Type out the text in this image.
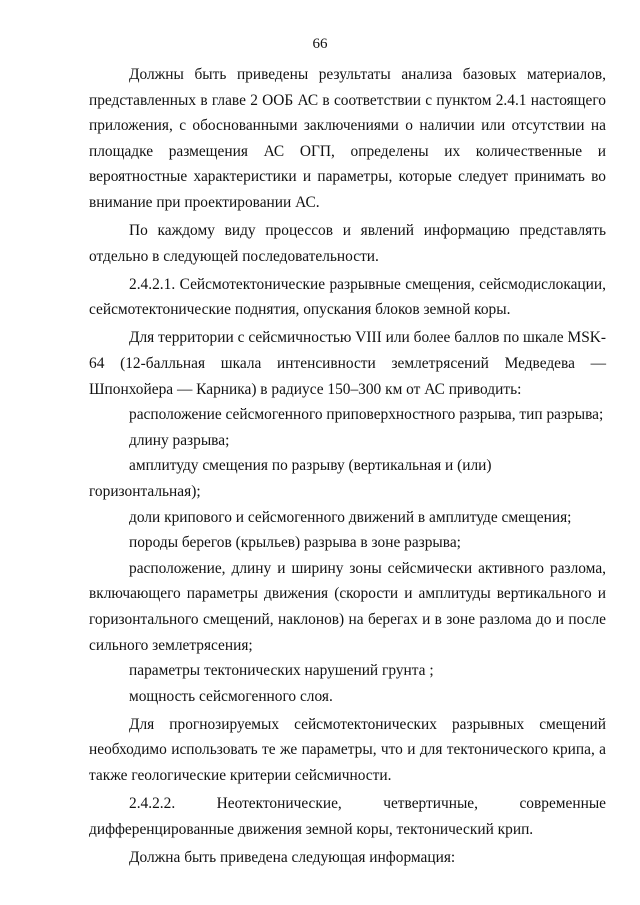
66

Должны быть приведены результаты анализа базовых материалов, представленных в главе 2 ООБ АС в соответствии с пунктом 2.4.1 настоящего приложения, с обоснованными заключениями о наличии или отсутствии на площадке размещения АС ОГП, определены их количественные и вероятностные характеристики и параметры, которые следует принимать во внимание при проектировании АС.

По каждому виду процессов и явлений информацию представлять отдельно в следующей последовательности.

2.4.2.1. Сейсмотектонические разрывные смещения, сейсмодислокации, сейсмотектонические поднятия, опускания блоков земной коры.

Для территории с сейсмичностью VIII или более баллов по шкале MSK-64 (12-балльная шкала интенсивности землетрясений Медведева — Шпонхойера — Карника) в радиусе 150–300 км от АС приводить:

расположение сейсмогенного приповерхностного разрыва, тип разрыва;

длину разрыва;

амплитуду смещения по разрыву (вертикальная и (или) горизонтальная);

доли крипового и сейсмогенного движений в амплитуде смещения;

породы берегов (крыльев) разрыва в зоне разрыва;

расположение, длину и ширину зоны сейсмически активного разлома, включающего параметры движения (скорости и амплитуды вертикального и горизонтального смещений, наклонов) на берегах и в зоне разлома до и после сильного землетрясения;

параметры тектонических нарушений грунта ;

мощность сейсмогенного слоя.

Для прогнозируемых сейсмотектонических разрывных смещений необходимо использовать те же параметры, что и для тектонического крипа, а также геологические критерии сейсмичности.

2.4.2.2. Неотектонические, четвертичные, современные дифференцированные движения земной коры, тектонический крип.

Должна быть приведена следующая информация:
